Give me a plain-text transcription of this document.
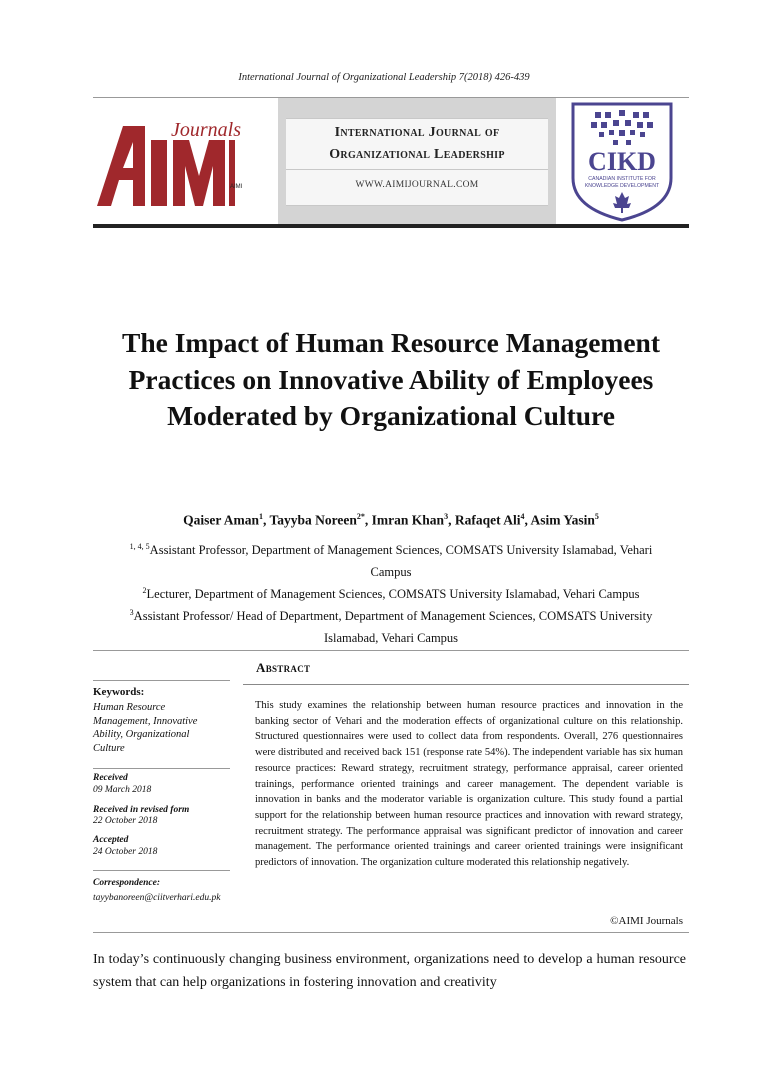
International Journal of Organizational Leadership 7(2018) 426-439
Journals
AIMI
International Journal of
Organizational Leadership
WWW.AIMIJOURNAL.COM
CIKD
CANADIAN INSTITUTE FOR
KNOWLEDGE DEVELOPMENT
The Impact of Human Resource Management Practices on Innovative Ability of Employees Moderated by Organizational Culture
Qaiser Aman$^1$, Tayyba Noreen$^{2*}$, Imran Khan$^3$, Rafaqet Ali$^4$, Asim Yasin$^5$
$^{1, 4, 5}$Assistant Professor, Department of Management Sciences, COMSATS University Islamabad, Vehari Campus
$^2$Lecturer, Department of Management Sciences, COMSATS University Islamabad, Vehari Campus
$^3$Assistant Professor/ Head of Department, Department of Management Sciences, COMSATS University Islamabad, Vehari Campus
Abstract
Keywords:
Human Resource Management, Innovative Ability, Organizational Culture
Received
09 March 2018
Received in revised form
22 October 2018
Accepted
24 October 2018
Correspondence:
tayybanoreen@ciitverhari.edu.pk
This study examines the relationship between human resource practices and innovation in the banking sector of Vehari and the moderation effects of organizational culture on this relationship. Structured questionnaires were used to collect data from respondents. Overall, 276 questionnaires were distributed and received back 151 (response rate 54%). The independent variable has six human resource practices: Reward strategy, recruitment strategy, performance appraisal, career oriented trainings, performance oriented trainings and career management. The dependent variable is innovation in banks and the moderator variable is organization culture. This study found a partial support for the relationship between human resource practices and innovation with reward strategy, recruitment strategy. The performance appraisal was significant predictor of innovation and career management. The performance oriented trainings and career oriented trainings were insignificant predictors of innovation. The organization culture moderated this relationship negatively.
©AIMI Journals
In today’s continuously changing business environment, organizations need to develop a human resource system that can help organizations in fostering innovation and creativity
